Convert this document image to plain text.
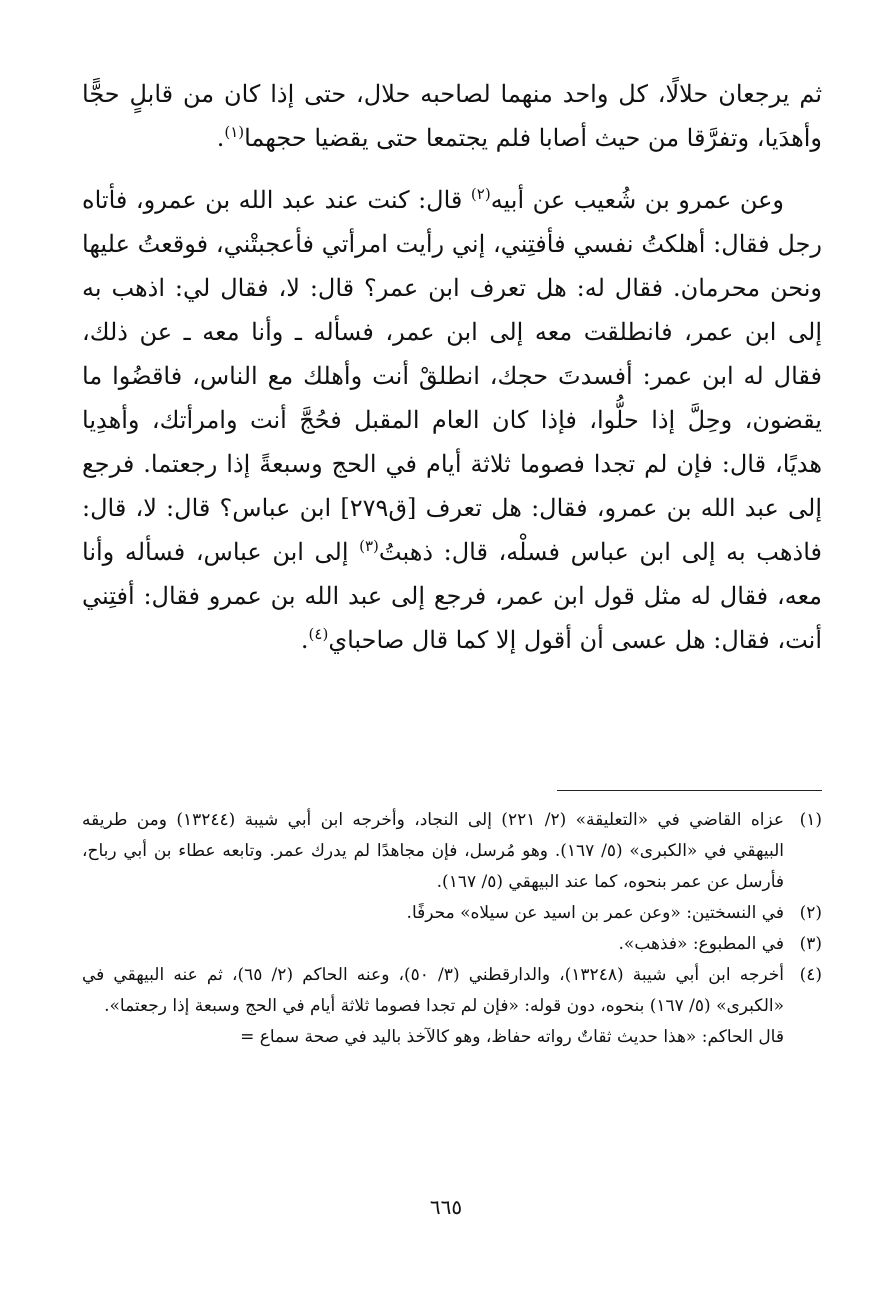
ثم يرجعان حلالًا، كل واحد منهما لصاحبه حلال، حتى إذا كان من قابلٍ حجًّا وأهدَيا، وتفرَّقا من حيث أصابا فلم يجتمعا حتى يقضيا حجهما$^{(١)}$.

وعن عمرو بن شُعيب عن أبيه$^{(٢)}$ قال: كنت عند عبد الله بن عمرو، فأتاه رجل فقال: أهلكتُ نفسي فأفتِني، إني رأيت امرأتي فأعجبتْني، فوقعتُ عليها ونحن محرمان. فقال له: هل تعرف ابن عمر؟ قال: لا، فقال لي: اذهب به إلى ابن عمر، فانطلقت معه إلى ابن عمر، فسأله ـ وأنا معه ـ عن ذلك، فقال له ابن عمر: أفسدتَ حجك، انطلقْ أنت وأهلك مع الناس، فاقضُوا ما يقضون، وحِلَّ إذا حلُّوا، فإذا كان العام المقبل فحُجَّ أنت وامرأتك، وأهدِيا هديًا، قال: فإن لم تجدا فصوما ثلاثة أيام في الحج وسبعةً إذا رجعتما. فرجع إلى عبد الله بن عمرو، فقال: هل تعرف [ق٢٧٩] ابن عباس؟ قال: لا، قال: فاذهب به إلى ابن عباس فسلْه، قال: ذهبتُ$^{(٣)}$ إلى ابن عباس، فسأله وأنا معه، فقال له مثل قول ابن عمر، فرجع إلى عبد الله بن عمرو فقال: أفتِني أنت، فقال: هل عسى أن أقول إلا كما قال صاحباي$^{(٤)}$.

(١)
عزاه القاضي في «التعليقة» (٢/ ٢٢١) إلى النجاد، وأخرجه ابن أبي شيبة (١٣٢٤٤) ومن طريقه البيهقي في «الكبرى» (٥/ ١٦٧). وهو مُرسل، فإن مجاهدًا لم يدرك عمر. وتابعه عطاء بن أبي رباح، فأرسل عن عمر بنحوه، كما عند البيهقي (٥/ ١٦٧).
(٢)
في النسختين: «وعن عمر بن اسيد عن سيلاه» محرفًا.
(٣)
في المطبوع: «فذهب».
(٤)
أخرجه ابن أبي شيبة (١٣٢٤٨)، والدارقطني (٣/ ٥٠)، وعنه الحاكم (٢/ ٦٥)، ثم عنه البيهقي في «الكبرى» (٥/ ١٦٧) بنحوه، دون قوله: «فإن لم تجدا فصوما ثلاثة أيام في الحج وسبعة إذا رجعتما».

قال الحاكم: «هذا حديث ثقاتٌ رواته حفاظ، وهو كالآخذ باليد في صحة سماع =

٦٦٥
